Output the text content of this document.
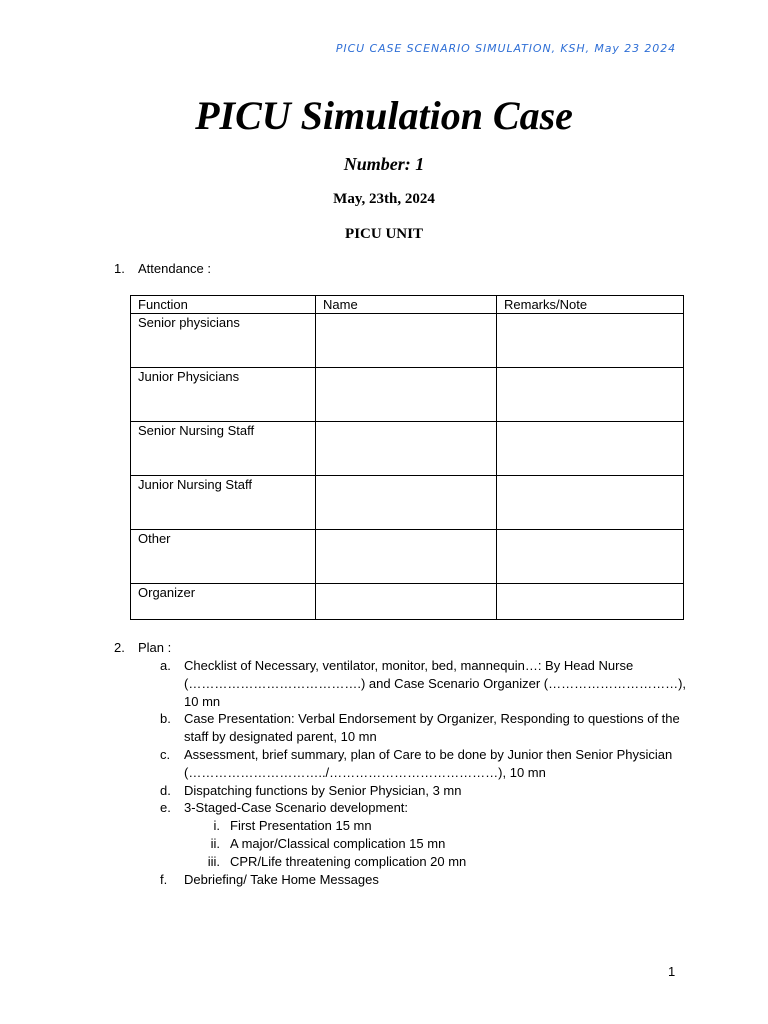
PICU CASE SCENARIO SIMULATION, KSH, May 23 2024
PICU Simulation Case
Number: 1
May, 23th, 2024
PICU UNIT
1. Attendance :
Function	Name	Remarks/Note
Senior physicians		
Junior Physicians		
Senior Nursing Staff		
Junior Nursing Staff		
Other		
Organizer		
2. Plan :
a. Checklist of Necessary, ventilator, monitor, bed, mannequin…: By Head Nurse (………………………………….) and Case Scenario Organizer (…………………………), 10 mn
b. Case Presentation: Verbal Endorsement by Organizer, Responding to questions of the staff by designated parent, 10 mn
c. Assessment, brief summary, plan of Care to be done by Junior then Senior Physician (…………………………../…………………………………), 10 mn
d. Dispatching functions by Senior Physician, 3 mn
e. 3-Staged-Case Scenario development:
i. First Presentation 15 mn
ii. A major/Classical complication 15 mn
iii. CPR/Life threatening complication 20 mn
f. Debriefing/ Take Home Messages
1
